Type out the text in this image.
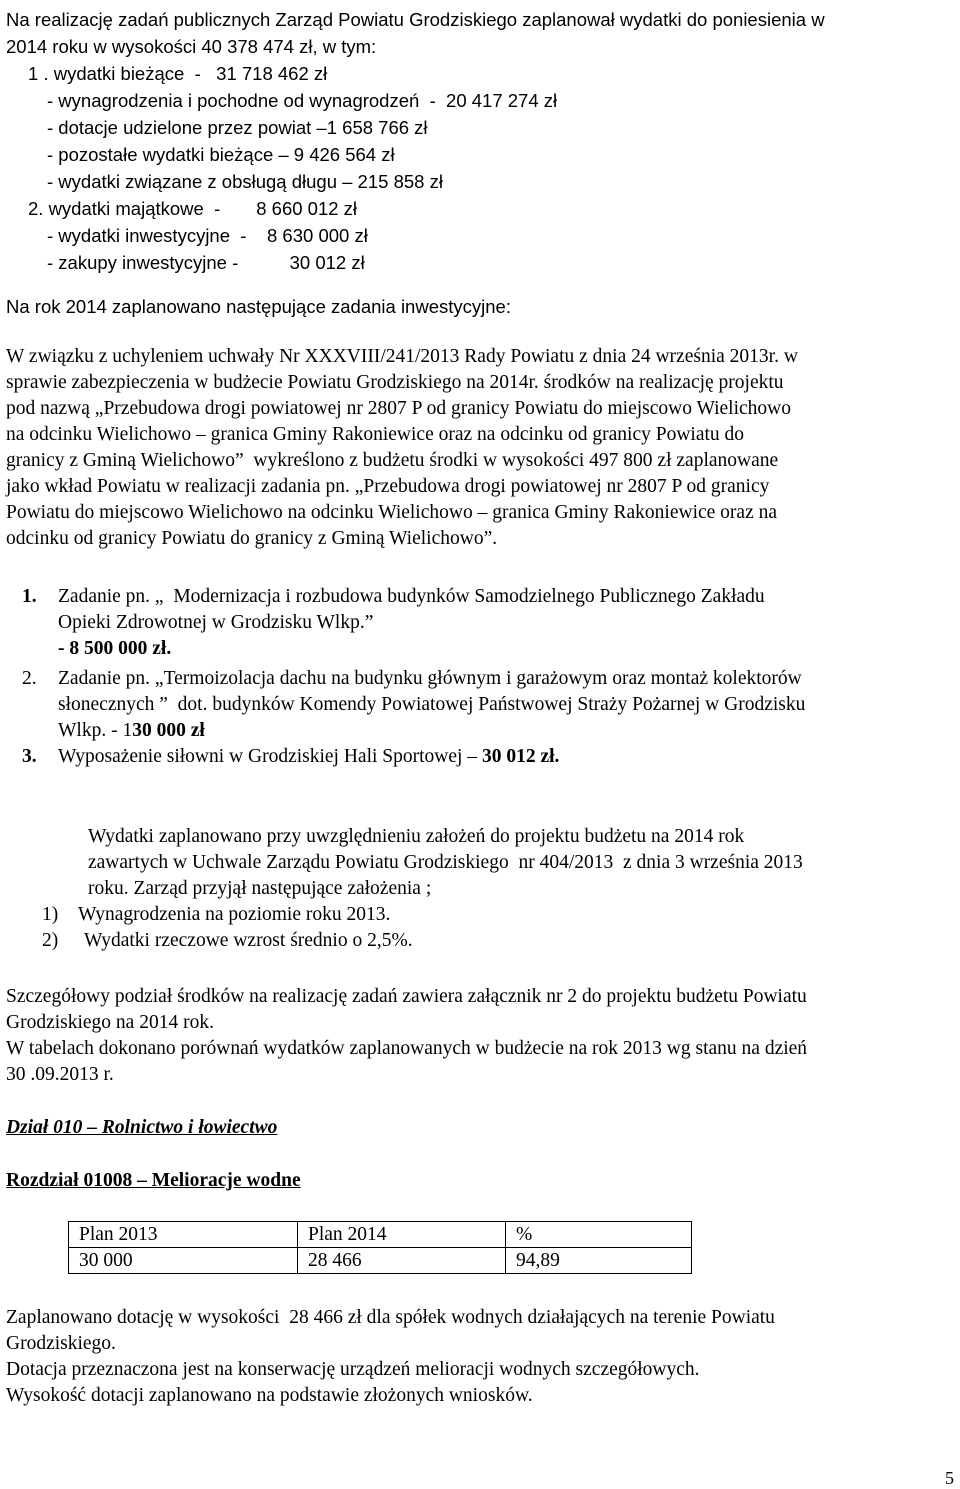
Na realizację zadań publicznych Zarząd Powiatu Grodziskiego zaplanował wydatki do poniesienia w
2014 roku w wysokości 40 378 474 zł, w tym:
1 . wydatki bieżące  -   31 718 462 zł
- wynagrodzenia i pochodne od wynagrodzeń  -  20 417 274 zł
- dotacje udzielone przez powiat –1 658 766 zł
- pozostałe wydatki bieżące – 9 426 564 zł
- wydatki związane z obsługą długu – 215 858 zł
2. wydatki majątkowe  -       8 660 012 zł
- wydatki inwestycyjne  -    8 630 000 zł
- zakupy inwestycyjne -          30 012 zł
Na rok 2014 zaplanowano następujące zadania inwestycyjne:
W związku z uchyleniem uchwały Nr XXXVIII/241/2013 Rady Powiatu z dnia 24 września 2013r. w
sprawie zabezpieczenia w budżecie Powiatu Grodziskiego na 2014r. środków na realizację projektu
pod nazwą „Przebudowa drogi powiatowej nr 2807 P od granicy Powiatu do miejscowo Wielichowo
na odcinku Wielichowo – granica Gminy Rakoniewice oraz na odcinku od granicy Powiatu do
granicy z Gminą Wielichowo”  wykreślono z budżetu środki w wysokości 497 800 zł zaplanowane
jako wkład Powiatu w realizacji zadania pn. „Przebudowa drogi powiatowej nr 2807 P od granicy
Powiatu do miejscowo Wielichowo na odcinku Wielichowo – granica Gminy Rakoniewice oraz na
odcinku od granicy Powiatu do granicy z Gminą Wielichowo”.
1. Zadanie pn. „  Modernizacja i rozbudowa budynków Samodzielnego Publicznego Zakładu
Opieki Zdrowotnej w Grodzisku Wlkp.”
- 8 500 000 zł.
2. Zadanie pn. „Termoizolacja dachu na budynku głównym i garażowym oraz montaż kolektorów
słonecznych ”  dot. budynków Komendy Powiatowej Państwowej Straży Pożarnej w Grodzisku
Wlkp. - 130 000 zł
3. Wyposażenie siłowni w Grodziskiej Hali Sportowej – 30 012 zł.
Wydatki zaplanowano przy uwzględnieniu założeń do projektu budżetu na 2014 rok
zawartych w Uchwale Zarządu Powiatu Grodziskiego  nr 404/2013  z dnia 3 września 2013
roku. Zarząd przyjął następujące założenia ;
1) Wynagrodzenia na poziomie roku 2013.
2) Wydatki rzeczowe wzrost średnio o 2,5%.
Szczegółowy podział środków na realizację zadań zawiera załącznik nr 2 do projektu budżetu Powiatu
Grodziskiego na 2014 rok.
W tabelach dokonano porównań wydatków zaplanowanych w budżecie na rok 2013 wg stanu na dzień
30 .09.2013 r.
Dział 010 – Rolnictwo i łowiectwo
Rozdział 01008 – Melioracje wodne
Plan 2013	Plan 2014	%
30 000	28 466	94,89
Zaplanowano dotację w wysokości  28 466 zł dla spółek wodnych działających na terenie Powiatu
Grodziskiego.
Dotacja przeznaczona jest na konserwację urządzeń melioracji wodnych szczegółowych.
Wysokość dotacji zaplanowano na podstawie złożonych wniosków.
5
